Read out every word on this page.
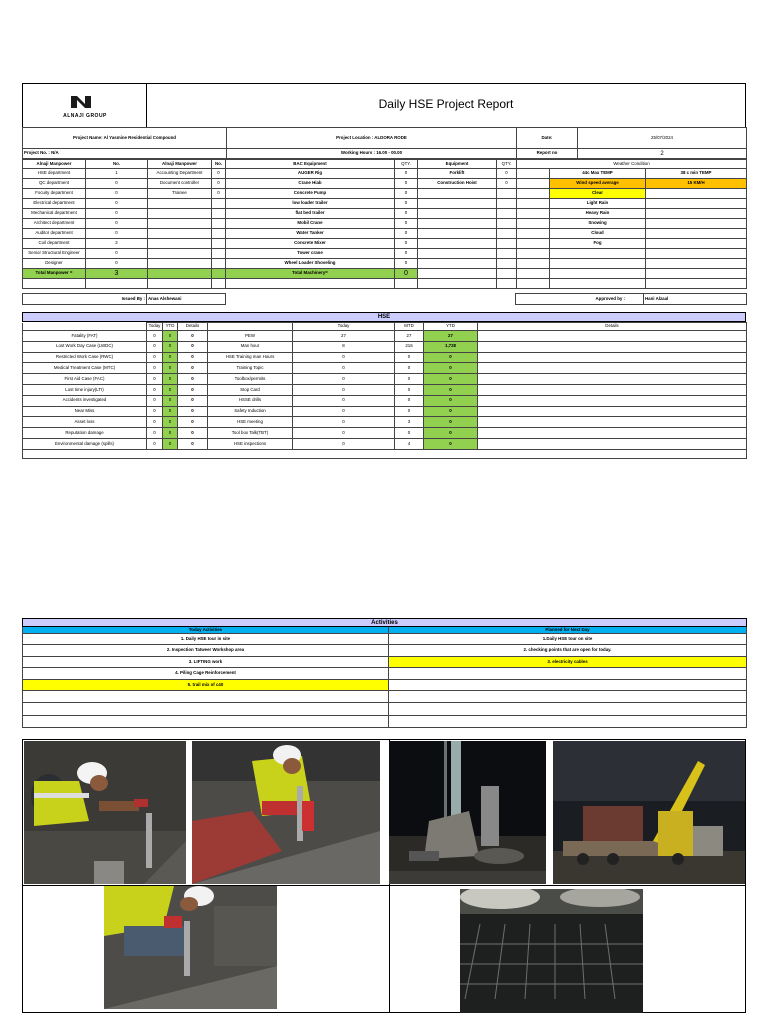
ALNAJI GROUP
Daily HSE Project Report
Project Name: Al Yasmine Residential Compound	Project Location : ALDORA RODE	Date:	25/07/2024
Project No. : N/A	Working Hours : 16.00 - 00.00	Report no	2
Alnaji Manpower	No.	Alnaji Manpower	No.	BAC Equipment	QTY.	Equipment	QTY.	Weather Condition		
HSE department	1	Accounting Department	0	AUGER Rig	0	Forklift	0		44c Max TEMP	38 c min TEMP
QC department	0	Document controller	0	Crane Hiab	0	Construction Hoist	0		Wind speed average	15 KM/H
Focuity department	0	Trainee	0	Concrete Pump	0				Clear	
Electrical department	0			low loader trailer	0				Light Rain	
Mechanical department	0			flat bed trailer	0				Heavy Rain	
Architect department	0			Mobil Crane	0				Snowing	
Auditor department	0			Water Tanker	0				Cloud	
Coil department	2			Concrete Mixer	0				Fog	
Senior Structural Engineer	0			Tower crane	0					
Designer	0			Wheel Loader Shoveling	0					
Total Manpower =	3			Total Machinery=	0					

Issued By :	Anas Alshewani			Approved by :	Hani Alzaal
HSE
	Today	YTD	Details		Today	MTD	YTD	Details
Fatality (FAT)	0	0	0	PEW	27	27	27	
Lost Work Day Case (LWDC)	0	0	0	Man hour	8	216	1,728	
Restricted Work Case (RWC)	0	0	0	HSE Training man Hours	0	0	0	
Medical Treatment Case (MTC)	0	0	0	Training Topic	0	0	0	
First Aid Case (FAC)	0	0	0	Toolbox/permits	0	0	0	
Lost time injury(LTI)	0	0	0	Stop Card	0	0	0	
Accidents investigated	0	0	0	HSSE drills	0	0	0	
Near Miss	0	0	0	Safety Induction	0	0	0	
Asset loss	0	0	0	HSE meeting	0	3	0	
Reputation damage	0	0	0	Tool box Talk(TBT)	0	0	0	
Environmental damage (spills)	0	0	0	HSE inspections	0	4	0	

Activities	
Today Activities	Planned for Next Day
1. Daily HSE tour in site	1.Daily HSE tour on site
2. Inspection Tatweer Workshop area	2. checking points that are open for today.
3. LIFTING work	3. electricity cables
4. Piling Cage Reinforcement	
5. trail mix of c40	
